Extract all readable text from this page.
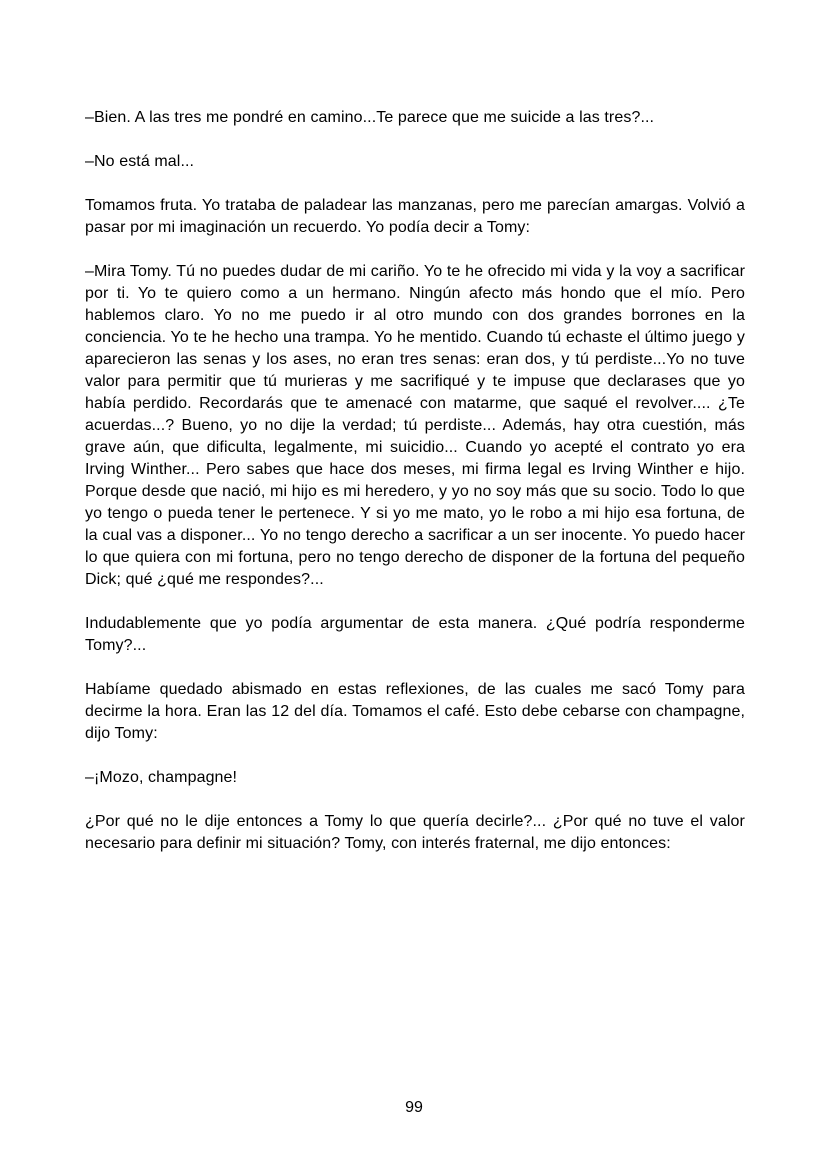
–Bien. A las tres me pondré en camino...Te parece que me suicide a las tres?...

–No está mal...

Tomamos fruta. Yo trataba de paladear las manzanas, pero me parecían amargas. Volvió a pasar por mi imaginación un recuerdo. Yo podía decir a Tomy:

–Mira Tomy. Tú no puedes dudar de mi cariño. Yo te he ofrecido mi vida y la voy a sacrificar por ti. Yo te quiero como a un hermano. Ningún afecto más hondo que el mío. Pero hablemos claro. Yo no me puedo ir al otro mundo con dos grandes borrones en la conciencia. Yo te he hecho una trampa. Yo he mentido. Cuando tú echaste el último juego y aparecieron las senas y los ases, no eran tres senas: eran dos, y tú perdiste...Yo no tuve valor para permitir que tú murieras y me sacrifiqué y te impuse que declarases que yo había perdido. Recordarás que te amenacé con matarme, que saqué el revolver.... ¿Te acuerdas...? Bueno, yo no dije la verdad; tú perdiste... Además, hay otra cuestión, más grave aún, que dificulta, legalmente, mi suicidio... Cuando yo acepté el contrato yo era Irving Winther... Pero sabes que hace dos meses, mi firma legal es Irving Winther e hijo. Porque desde que nació, mi hijo es mi heredero, y yo no soy más que su socio. Todo lo que yo tengo o pueda tener le pertenece. Y si yo me mato, yo le robo a mi hijo esa fortuna, de la cual vas a disponer... Yo no tengo derecho a sacrificar a un ser inocente. Yo puedo hacer lo que quiera con mi fortuna, pero no tengo derecho de disponer de la fortuna del pequeño Dick; qué ¿qué me respondes?...

Indudablemente que yo podía argumentar de esta manera. ¿Qué podría responderme Tomy?...

Habíame quedado abismado en estas reflexiones, de las cuales me sacó Tomy para decirme la hora. Eran las 12 del día. Tomamos el café. Esto debe cebarse con champagne, dijo Tomy:

–¡Mozo, champagne!

¿Por qué no le dije entonces a Tomy lo que quería decirle?... ¿Por qué no tuve el valor necesario para definir mi situación? Tomy, con interés fraternal, me dijo entonces:

99
